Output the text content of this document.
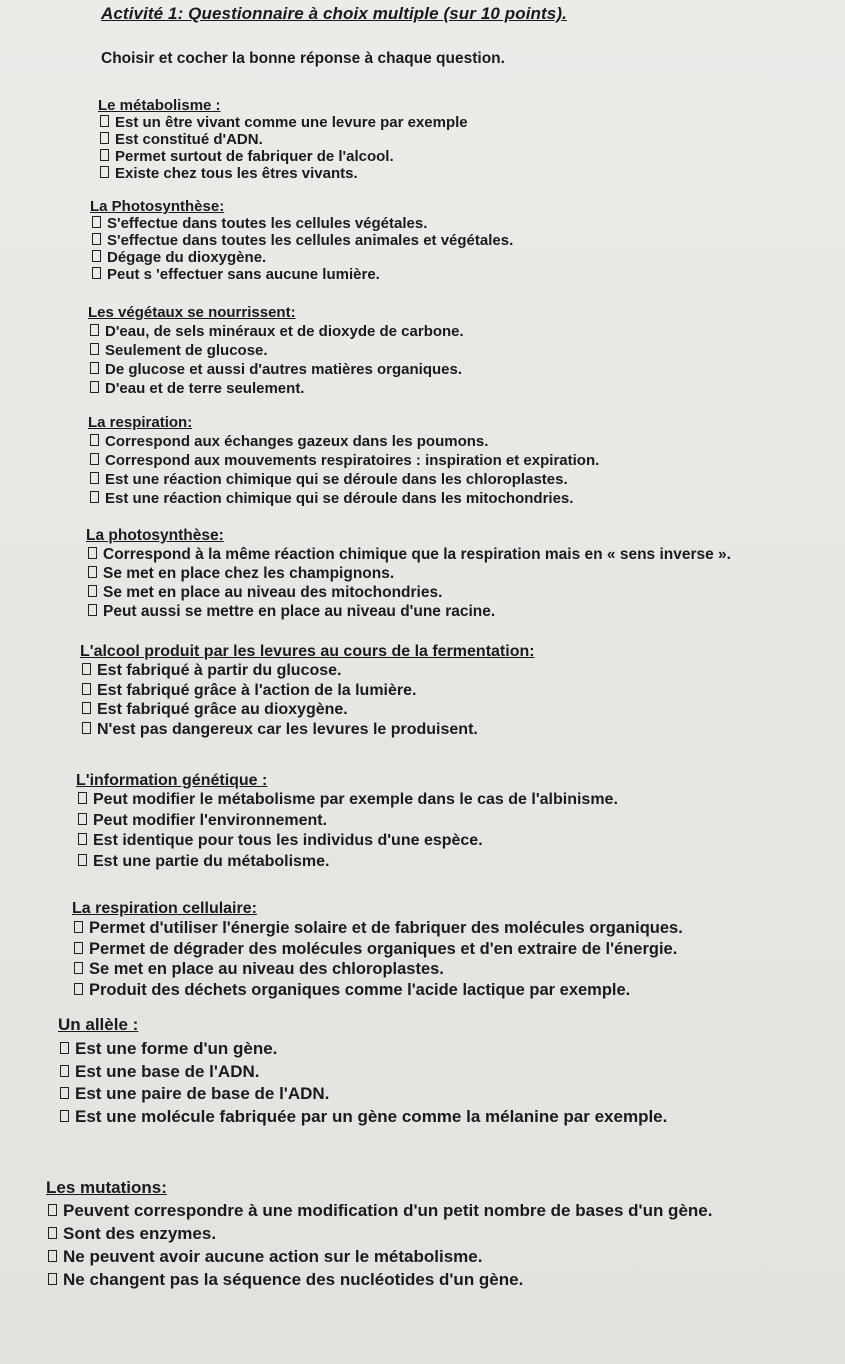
Activité 1: Questionnaire à choix multiple (sur 10 points).
Choisir et cocher la bonne réponse à chaque question.
Le métabolisme :
Est un être vivant comme une levure par exemple
Est constitué d'ADN.
Permet surtout de fabriquer de l'alcool.
Existe chez tous les êtres vivants.
La Photosynthèse:
S'effectue dans toutes les cellules végétales.
S'effectue dans toutes les cellules animales et végétales.
Dégage du dioxygène.
Peut s 'effectuer sans aucune lumière.
Les végétaux se nourrissent:
D'eau, de sels minéraux et de dioxyde de carbone.
Seulement de glucose.
De glucose et aussi d'autres matières organiques.
D'eau et de terre seulement.
La respiration:
Correspond aux échanges gazeux dans les poumons.
Correspond aux mouvements respiratoires : inspiration et expiration.
Est une réaction chimique qui se déroule dans les chloroplastes.
Est une réaction chimique qui se déroule dans les mitochondries.
La photosynthèse:
Correspond à la même réaction chimique que la respiration mais en « sens inverse ».
Se met en place chez les champignons.
Se met en place au niveau des mitochondries.
Peut aussi se mettre en place au niveau d'une racine.
L'alcool produit par les levures au cours de la fermentation:
Est fabriqué à partir du glucose.
Est fabriqué grâce à l'action de la lumière.
Est fabriqué grâce au dioxygène.
N'est pas dangereux car les levures le produisent.
L'information génétique :
Peut modifier le métabolisme par exemple dans le cas de l'albinisme.
Peut modifier l'environnement.
Est identique pour tous les individus d'une espèce.
Est une partie du métabolisme.
La respiration cellulaire:
Permet d'utiliser l'énergie solaire et de fabriquer des molécules organiques.
Permet de dégrader des molécules organiques et d'en extraire de l'énergie.
Se met en place au niveau des chloroplastes.
Produit des déchets organiques comme l'acide lactique par exemple.
Un allèle :
Est une forme d'un gène.
Est une base de l'ADN.
Est une paire de base de l'ADN.
Est une molécule fabriquée par un gène comme la mélanine par exemple.
Les mutations:
Peuvent correspondre à une modification d'un petit nombre de bases d'un gène.
Sont des enzymes.
Ne peuvent avoir aucune action sur le métabolisme.
Ne changent pas la séquence des nucléotides d'un gène.
